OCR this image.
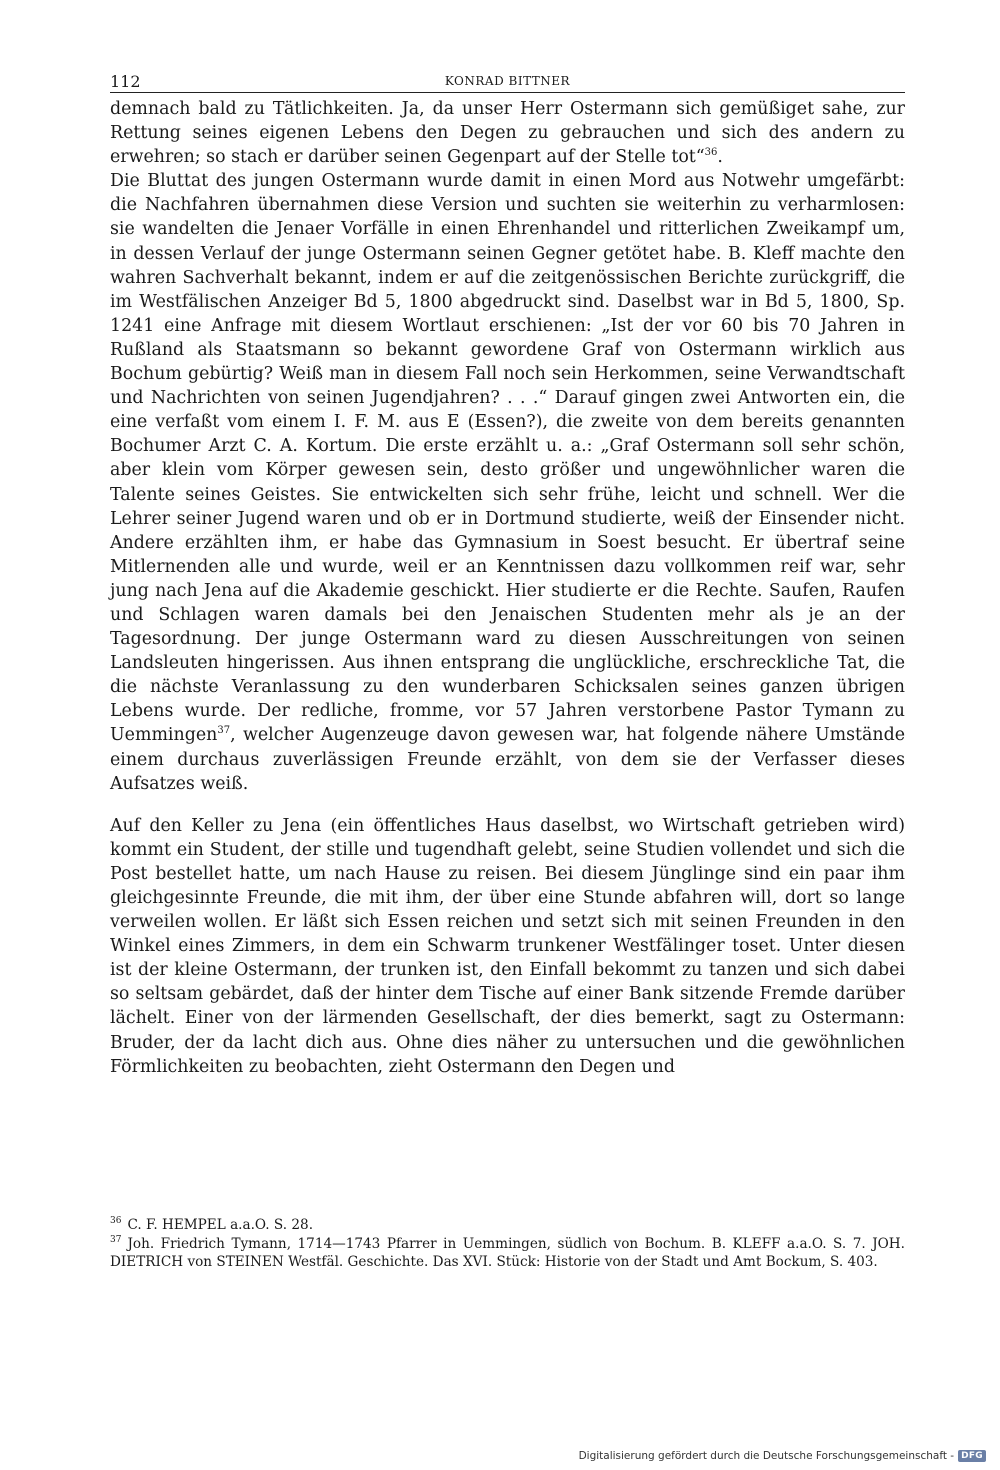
112	KONRAD BITTNER

demnach bald zu Tätlichkeiten. Ja, da unser Herr Ostermann sich gemüßiget sahe, zur Rettung seines eigenen Lebens den Degen zu gebrauchen und sich des andern zu erwehren; so stach er darüber seinen Gegenpart auf der Stelle tot“$^{36}$.

Die Bluttat des jungen Ostermann wurde damit in einen Mord aus Notwehr umgefärbt: die Nachfahren übernahmen diese Version und suchten sie weiterhin zu verharmlosen: sie wandelten die Jenaer Vorfälle in einen Ehrenhandel und ritterlichen Zweikampf um, in dessen Verlauf der junge Ostermann seinen Gegner getötet habe. B. Kleff machte den wahren Sachverhalt bekannt, indem er auf die zeitgenössischen Berichte zurückgriff, die im Westfälischen Anzeiger Bd 5, 1800 abgedruckt sind. Daselbst war in Bd 5, 1800, Sp. 1241 eine Anfrage mit diesem Wortlaut erschienen: „Ist der vor 60 bis 70 Jahren in Rußland als Staatsmann so bekannt gewordene Graf von Ostermann wirklich aus Bochum gebürtig? Weiß man in diesem Fall noch sein Herkommen, seine Verwandtschaft und Nachrichten von seinen Jugendjahren? . . .“ Darauf gingen zwei Antworten ein, die eine verfaßt vom einem I. F. M. aus E (Essen?), die zweite von dem bereits genannten Bochumer Arzt C. A. Kortum. Die erste erzählt u. a.: „Graf Ostermann soll sehr schön, aber klein vom Körper gewesen sein, desto größer und ungewöhnlicher waren die Talente seines Geistes. Sie entwickelten sich sehr frühe, leicht und schnell. Wer die Lehrer seiner Jugend waren und ob er in Dortmund studierte, weiß der Einsender nicht. Andere erzählten ihm, er habe das Gymnasium in Soest besucht. Er übertraf seine Mitlernenden alle und wurde, weil er an Kenntnissen dazu vollkommen reif war, sehr jung nach Jena auf die Akademie geschickt. Hier studierte er die Rechte. Saufen, Raufen und Schlagen waren damals bei den Jenaischen Studenten mehr als je an der Tagesordnung. Der junge Ostermann ward zu diesen Ausschreitungen von seinen Landsleuten hingerissen. Aus ihnen entsprang die unglückliche, erschreckliche Tat, die die nächste Veranlassung zu den wunderbaren Schicksalen seines ganzen übrigen Lebens wurde. Der redliche, fromme, vor 57 Jahren verstorbene Pastor Tymann zu Uemmingen$^{37}$, welcher Augenzeuge davon gewesen war, hat folgende nähere Umstände einem durchaus zuverlässigen Freunde erzählt, von dem sie der Verfasser dieses Aufsatzes weiß.

Auf den Keller zu Jena (ein öffentliches Haus daselbst, wo Wirtschaft getrieben wird) kommt ein Student, der stille und tugendhaft gelebt, seine Studien vollendet und sich die Post bestellet hatte, um nach Hause zu reisen. Bei diesem Jünglinge sind ein paar ihm gleichgesinnte Freunde, die mit ihm, der über eine Stunde abfahren will, dort so lange verweilen wollen. Er läßt sich Essen reichen und setzt sich mit seinen Freunden in den Winkel eines Zimmers, in dem ein Schwarm trunkener Westfälinger toset. Unter diesen ist der kleine Ostermann, der trunken ist, den Einfall bekommt zu tanzen und sich dabei so seltsam gebärdet, daß der hinter dem Tische auf einer Bank sitzende Fremde darüber lächelt. Einer von der lärmenden Gesellschaft, der dies bemerkt, sagt zu Ostermann: Bruder, der da lacht dich aus. Ohne dies näher zu untersuchen und die gewöhnlichen Förmlichkeiten zu beobachten, zieht Ostermann den Degen und

$^{36}$ C. F. HEMPEL a.a.O. S. 28.

$^{37}$ Joh. Friedrich Tymann, 1714—1743 Pfarrer in Uemmingen, südlich von Bochum. B. KLEFF a.a.O. S. 7. JOH. DIETRICH von STEINEN Westfäl. Geschichte. Das XVI. Stück: Historie von der Stadt und Amt Bockum, S. 403.

Digitalisierung gefördert durch die Deutsche Forschungsgemeinschaft - DFG
